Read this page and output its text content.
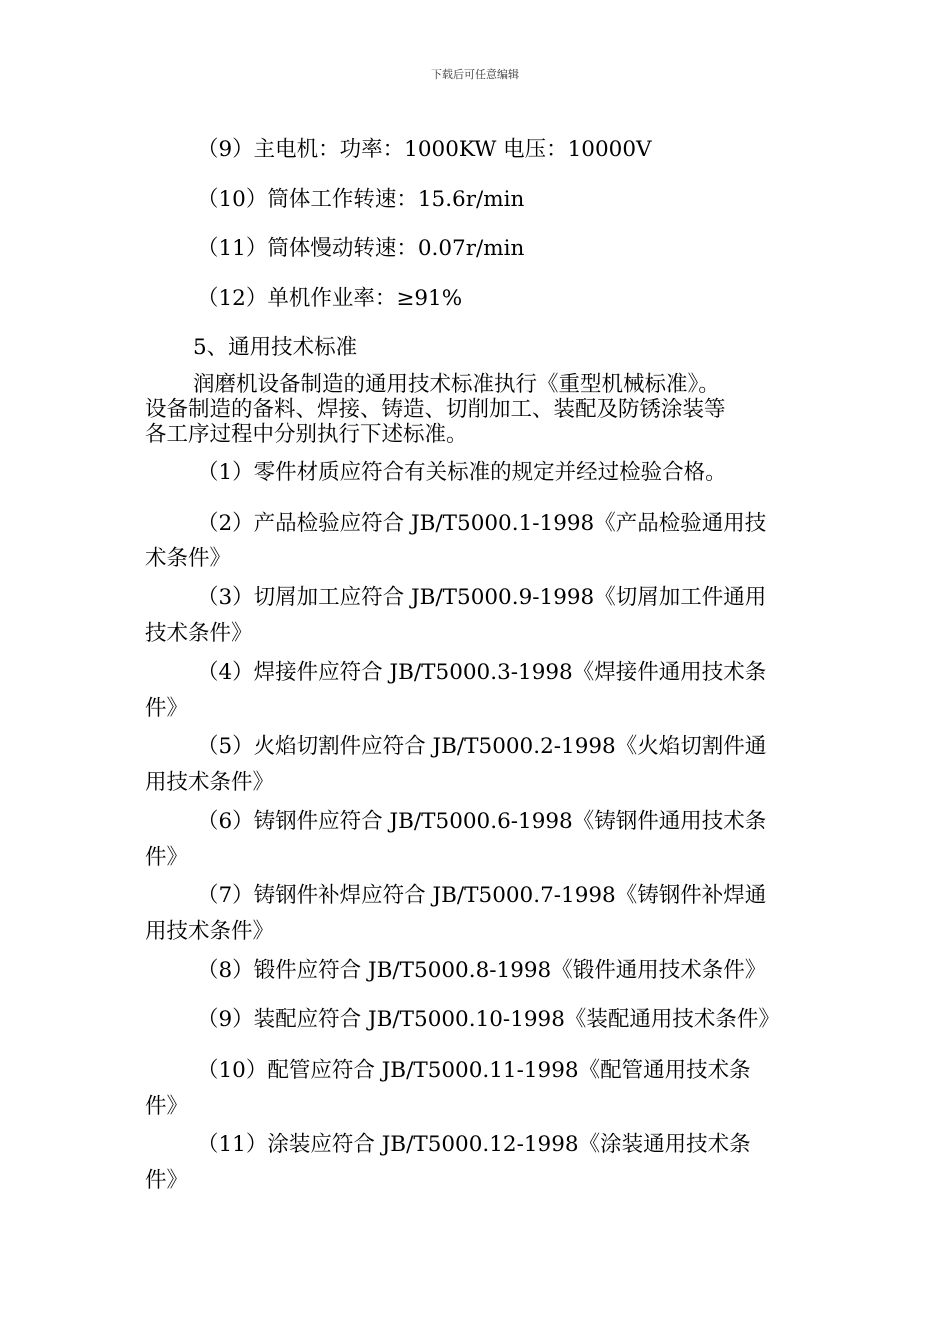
下载后可任意编辑
（9）主电机：功率：1000KW 电压：10000V
（10）筒体工作转速：15.6r/min
（11）筒体慢动转速：0.07r/min
（12）单机作业率：≥91%
5、通用技术标准
润磨机设备制造的通用技术标准执行《重型机械标准》。
设备制造的备料、焊接、铸造、切削加工、装配及防锈涂装等
各工序过程中分别执行下述标准。
（1）零件材质应符合有关标准的规定并经过检验合格。
（2）产品检验应符合 JB/T5000.1-1998《产品检验通用技
术条件》
（3）切屑加工应符合 JB/T5000.9-1998《切屑加工件通用
技术条件》
（4）焊接件应符合 JB/T5000.3-1998《焊接件通用技术条
件》
（5）火焰切割件应符合 JB/T5000.2-1998《火焰切割件通
用技术条件》
（6）铸钢件应符合 JB/T5000.6-1998《铸钢件通用技术条
件》
（7）铸钢件补焊应符合 JB/T5000.7-1998《铸钢件补焊通
用技术条件》
（8）锻件应符合 JB/T5000.8-1998《锻件通用技术条件》
（9）装配应符合 JB/T5000.10-1998《装配通用技术条件》
（10）配管应符合 JB/T5000.11-1998《配管通用技术条
件》
（11）涂装应符合 JB/T5000.12-1998《涂装通用技术条
件》
